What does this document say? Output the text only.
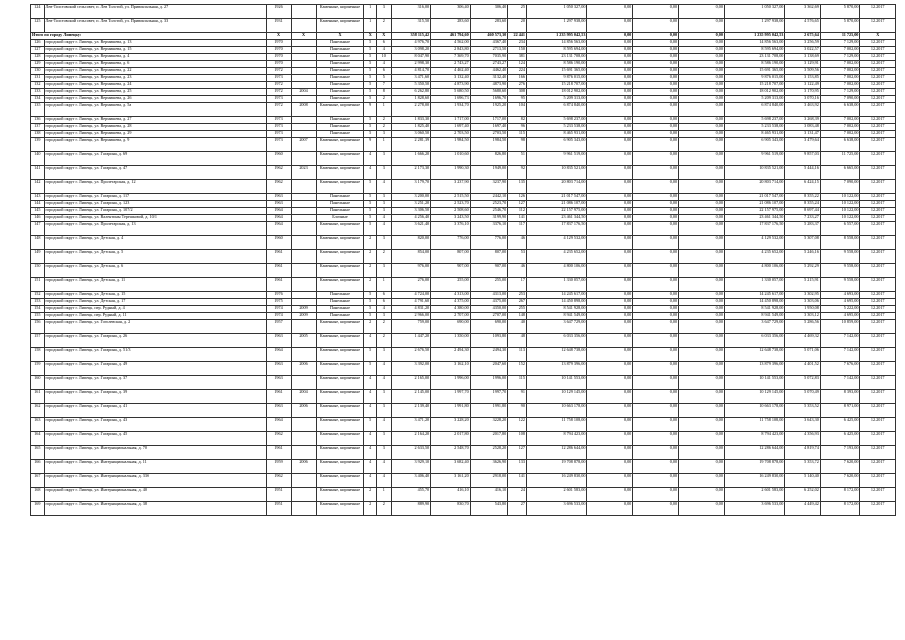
124	Лев-Толстовский сельсовет, п. Лев Толстой, ул. Привокзальная, д. 27	1926		Каменные, кирпичные	1	3	316,00	306,40	306,40	25	1 050 327,00	0,00	0,00	0,00	1 050 327,00	3 362,69	5 870,00	12.2017
125	Лев-Толстовский сельсовет, п. Лев Толстой, ул. Привокзальная, д. 33	1931		Каменные, кирпичные	1	2	315,50	283,60	283,60	20	1 297 938,00	0,00	0,00	0,00	1 297 938,00	4 576,65	5 870,00	12.2017
Итого по городу Липецку:		X	X	X	X	X	358 115,42	461 794,60	460 573,30	22 441	1 235 995 042,53	0,00	0,00	0,00	1 235 995 042,53	2 675,64	11 725,00	X
126	городской округ г. Липецк, ул. Вермишева, д. 13	1970		Панельные	5	6	4 976,70	4 562,00	4367,40	234	14 856 563,00	0,00	0,00	0,00	14 856 563,00	3 256,59	7 129,00	12.2017
127	городской округ г. Липецк, ул. Вермишева, д. 15	1970		Панельные	5	4	3 098,20	2 843,80	2713,50	150	8 595 694,00	0,00	0,00	0,00	8 595 694,00	3 022,57	7 002,00	12.2017
128	городской округ г. Липецк, ул. Вермишева, д. 4	1970		Панельные	5	10	8 047,90	7 369,70	7035,90	381	23 131 708,00	0,00	0,00	0,00	23 131 708,00	3 138,69	7 129,00	12.2017
129	городской округ г. Липецк, ул. Вермишева, д. 6	1970		Панельные	5	4	2 998,30	2 743,27	2743,27	124	8 586 190,00	0,00	0,00	0,00	8 586 190,00	3 129,91	7 002,00	12.2017
130	городской округ г. Липецк, ул. Вермишева, д. 22	1972		Панельные	5	6	4 814,70	4 462,40	4462,40	224	15 691 365,00	0,00	0,00	0,00	15 691 365,00	3 509,56	7 002,00	12.2017
131	городской округ г. Липецк, ул. Вермишева, д. 23	1973		Панельные	5	5	3 471,60	3 132,40	3132,40	166	9 876 015,00	0,00	0,00	0,00	9 876 015,00	3 153,85	7 002,00	12.2017
132	городской округ г. Липецк, ул. Вермишева, д. 24	1972		Панельные	5	7	5 350,50	4 873,90	4873,90	276	15 218 707,00	0,00	0,00	0,00	15 218 707,00	3 122,49	7 002,00	12.2017
133	городской округ г. Липецк, ул. Вермишева, д. 25	1972	2004	Панельные	5	8	6 262,80	5 680,50	5680,60	308	18 012 902,00	0,00	0,00	0,00	18 012 902,00	3 170,95	7 129,00	12.2017
134	городской округ г. Липецк, ул. Вермишева, д. 26	1973		Панельные	5	2	1 828,60	1 696,73	1696,70	95	5 209 313,00	0,00	0,00	0,00	5 209 313,00	3 070,16	7 090,00	12.2017
135	городской округ г. Липецк, ул. Вермишева, д. 5а	1972	2008	Каменные, кирпичные	9	1	2 278,00	1 934,70	1925,20	104	6 874 840,00	0,00	0,00	0,00	6 874 840,00	3 463,92	6 638,00	12.2017
136	городской округ г. Липецк, ул. Вермишева, д. 27	1973		Панельные	5	2	1 833,30	1 717,00	1717,00	82	5 698 237,00	0,00	0,00	0,00	5 698 237,00	3 268,39	7 002,00	12.2017
137	городской округ г. Липецк, ул. Вермишева, д. 28	1973		Панельные	5	2	1 825,40	1 697,40	1697,40	96	5 233 538,00	0,00	0,00	0,00	5 233 538,00	3 083,48	7 002,00	12.2017
138	городской округ г. Липецк, ул. Вермишева, д. 29	1973		Панельные	5	3	3 060,50	2 703,50	2703,50	115	8 465 931,00	0,00	0,00	0,00	8 465 931,00	3 131,47	7 002,00	12.2017
139	городской округ г. Липецк, ул. Вермишева, д. 9	1973	2007	Каменные, кирпичные	9	1	2 281,39	1 984,50	1984,50	98	6 905 343,00	0,00	0,00	0,00	6 905 343,00	3 479,64	6 638,00	12.2017
140	городской округ г. Липецк, ул. Гагарина, д. 69	1960		Каменные, кирпичные	4	3	1 666,20	1 010,60	826,80	51	9 961 519,00	0,00	0,00	0,00	9 961 519,00	9 857,03	11 725,00	12.2017
141	городской округ г. Липецк, ул. Гагарина, д. 47	1962	2023	Каменные, кирпичные	4	3	2 173,30	1 990,30	1949,00	92	10 835 521,00	0,00	0,00	0,00	10 835 521,00	5 444,16	6 665,00	12.2017
142	городской округ г. Липецк, ул. Пролетарская, д. 12	1962		Каменные, кирпичные	5	4	3 179,70	3 237,90	3237,90	135	20 803 714,00	0,00	0,00	0,00	20 803 714,00	6 424,15	7 090,00	12.2017
143	городской округ г. Липецк, ул. Гагарина, д. 117	1963		Панельные	5	3	3 200,00	2 515,50	2442,10	126	21 017 547,00	0,00	0,00	0,00	21 017 547,00	8 355,22	10 122,00	12.2017
144	городской округ г. Липецк, ул. Гагарина, д. 123	1963		Панельные	5	3	3 251,20	2 523,70	2523,70	127	21 086 107,00	0,00	0,00	0,00	21 086 107,00	8 355,24	10 122,00	12.2017
145	городской округ г. Липецк, ул. Гагарина, д. 107/2	1964		Панельные	5	3	3 306,50	2 508,60	2546,70	112	22 157 975,00	0,00	0,00	0,00	22 157 975,00	8 697,44	10 122,00	12.2017
146	городской округ г. Липецк, ул. Валентины Терешковой, д. 10/1	1964		Блочные	5	4	4 256,40	3 243,50	3199,90	141	23 461 344,50	0,00	0,00	0,00	23 461 344,50	7 233,27	10 122,00	12.2017
147	городской округ г. Липецк, ул. Пролетарская, д. 13	1964		Каменные, кирпичные	5	4	3 621,40	3 376,10	3376,10	117	17 837 176,50	0,00	0,00	0,00	17 837 176,50	5 283,37	6 557,00	12.2017
148	городской округ г. Липецк, ул. Детская, д. 4	1960		Каменные, кирпичные	2	3	820,00	776,00	776,00	46	4 129 532,00	0,00	0,00	0,00	4 129 532,00	5 307,08	8 558,00	12.2017
149	городской округ г. Липецк, ул. Детская, д. 5	1961		Каменные, кирпичные	2	2	854,00	807,00	807,00	53	4 235 652,00	0,00	0,00	0,00	4 235 652,00	5 246,16	9 558,00	12.2017
150	городской округ г. Липецк, ул. Детская, д. 6	1961		Каменные, кирпичные	2	3	976,00	907,00	907,00	46	4 800 106,00	0,00	0,00	0,00	4 800 106,00	5 292,29	9 558,00	12.2017
151	городской округ г. Липецк, ул. Детская, д. 11	1961		Каменные, кирпичные	2	1	276,00	255,00	255,00	17	1 330 057,00	0,00	0,00	0,00	1 330 057,00	5 215,91	9 558,00	12.2017
152	городской округ г. Липецк, ул. Детская, д. 15	1976		Панельные	5	6	4 724,00	4 313,00	4313,00	253	14 245 617,00	0,00	0,00	0,00	14 245 617,00	3 302,95	4 693,00	12.2017
153	городской округ г. Липецк, ул. Детская, д. 17	1975		Панельные	5	6	4 791,60	4 375,00	4375,00	267	14 450 898,00	0,00	0,00	0,00	14 450 898,00	3 303,06	4 695,00	12.2017
154	городской округ г. Липецк, пер. Рудный, д. 4	1974	2009	Панельные	5	4	4 831,20	4 380,00	4350,00	255	8 541 928,00	0,00	0,00	0,00	8 541 928,00	1 950,08	5 222,00	12.2017
155	городской округ г. Липецк, пер. Рудный, д. 11	1974	2009	Панельные	5	3	2 966,00	2 707,00	2707,00	148	8 941 549,00	0,00	0,00	0,00	8 941 549,00	3 303,12	4 695,00	12.2017
156	городской округ г. Липецк, ул. Гоголевская, д. 2	1957		Каменные, кирпичные	2	2	759,00	690,00	690,00	40	3 647 729,00	0,00	0,00	0,00	3 647 729,00	5 286,56	10 859,00	12.2017
157	городской округ г. Липецк, ул. Гагарина, д. 26	1963	2005	Каменные, кирпичные	4	2	1 447,20	1 350,00	1093,80	48	6 033 356,00	0,00	0,00	0,00	6 033 356,00	4 469,32	7 142,00	12.2017
158	городской округ г. Липецк, ул. Гагарина, д. 51/3	1964		Каменные, кирпичные	5	3	2 676,50	2 494,30	2494,30	113	12 648 738,00	0,00	0,00	0,00	12 648 738,00	5 071,06	7 142,00	12.2017
159	городской округ г. Липецк, ул. Гагарина, д. 49	1963	2006	Каменные, кирпичные	5	4	3 392,00	3 162,10	2047,60	152	13 879 396,00	0,00	0,00	0,00	13 879 396,00	4 401,52	7 676,00	12.2017
160	городской округ г. Липецк, ул. Гагарина, д. 37	1963		Каменные, кирпичные	4	4	2 165,00	1 996,00	1996,00	115	10 141 553,00	0,00	0,00	0,00	10 141 553,00	5 072,83	7 142,00	12.2017
161	городской округ г. Липецк, ул. Гагарина, д. 39	1961	2004	Каменные, кирпичные	4	3	2 145,00	1 997,70	1997,70	91	10 129 145,00	0,00	0,00	0,00	10 129 145,00	5 070,49	8 393,00	12.2017
162	городской округ г. Липецк, ул. Гагарина, д. 41	1963	2006	Каменные, кирпичные	4	3	2 139,40	1 991,80	1991,80	90	10 663 178,00	0,00	0,00	0,00	10 663 178,00	5 353,52	8 971,00	12.2017
163	городской округ г. Липецк, ул. Гагарина, д. 43	1964		Каменные, кирпичные	5	4	3 471,20	3 228,20	3228,20	122	11 758 108,00	0,00	0,00	0,00	11 758 108,00	3 643,30	6 425,00	12.2017
164	городской округ г. Липецк, ул. Гагарина, д. 45	1962		Каменные, кирпичные	4	3	2 164,20	2 017,80	2017,80	108	8 794 423,00	0,00	0,00	0,00	8 794 423,00	4 356,93	6 425,00	12.2017
165	городской округ г. Липецк, ул. Интернациональная, д. 70	1961		Каменные, кирпичные	4	3	2 633,50	2 548,70	2528,20	127	12 286 644,00	0,00	0,00	0,00	12 286 644,00	4 819,74	7 193,00	12.2017
166	городской округ г. Липецк, ул. Интернациональная, д. 11	1959	2006	Каменные, кирпичные	4	4	3 929,10	3 682,40	3626,90	133	19 708 878,00	0,00	0,00	0,00	19 708 878,00	5 353,72	7 620,00	12.2017
167	городской округ г. Липецк, ул. Интернациональная, д. 33б	1962		Каменные, кирпичные	4	4	3 406,40	3 161,20	2918,00	141	16 249 830,00	0,00	0,00	0,00	16 249 830,00	5 140,40	7 620,00	12.2017
168	городской округ г. Липецк, ул. Интернациональная, д. 40	1951		Каменные, кирпичные	2	1	455,70	416,10	416,10	24	2 601 583,00	0,00	0,00	0,00	2 601 583,00	6 252,02	8 172,00	12.2017
169	городской округ г. Липецк, ул. Интернациональная, д. 38	1951		Каменные, кирпичные	2	2	889,90	830,70	543,80	27	3 696 533,00	0,00	0,00	0,00	3 696 533,00	4 449,42	8 172,00	12.2017
